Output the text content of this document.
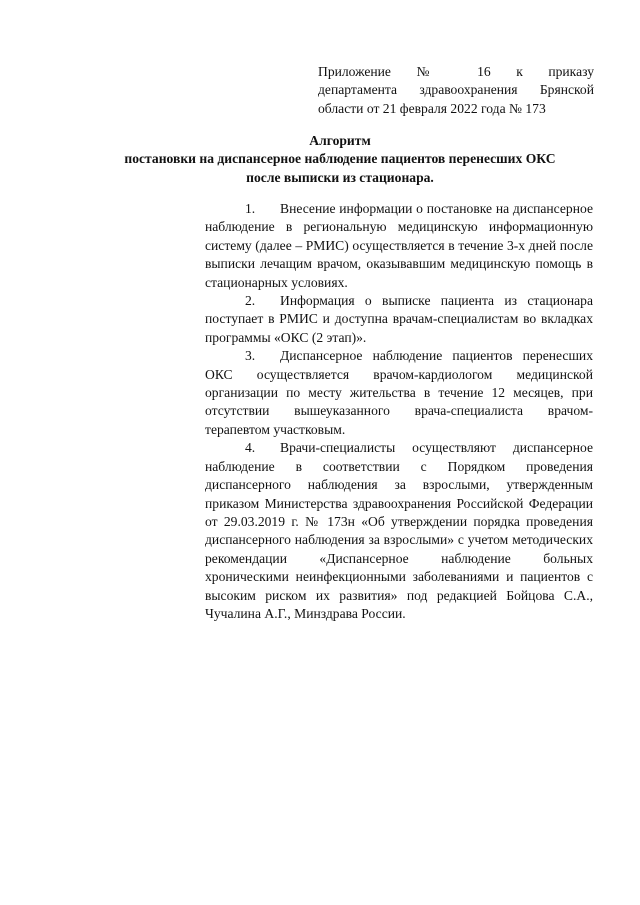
Приложение № 16 к приказу
департамента здравоохранения Брянской
области от 21 февраля 2022 года № 173
Алгоритм
постановки на диспансерное наблюдение пациентов перенесших ОКС
после выписки из стационара.

1. Внесение информации о постановке на диспансерное наблюдение в региональную медицинскую информационную систему (далее – РМИС) осуществляется в течение 3-х дней после выписки лечащим врачом, оказывавшим медицинскую помощь в стационарных условиях.

2. Информация о выписке пациента из стационара поступает в РМИС и доступна врачам-специалистам во вкладках программы «ОКС (2 этап)».

3. Диспансерное наблюдение пациентов перенесших ОКС осуществляется врачом-кардиологом медицинской организации по месту жительства в течение 12 месяцев, при отсутствии вышеуказанного врача-специалиста врачом-терапевтом участковым.

4. Врачи-специалисты осуществляют диспансерное наблюдение в соответствии с Порядком проведения диспансерного наблюдения за взрослыми, утвержденным приказом Министерства здравоохранения Российской Федерации от 29.03.2019 г. № 173н «Об утверждении порядка проведения диспансерного наблюдения за взрослыми» с учетом методических рекомендации «Диспансерное наблюдение больных хроническими неинфекционными заболеваниями и пациентов с высоким риском их развития» под редакцией Бойцова С.А., Чучалина А.Г., Минздрава России.
